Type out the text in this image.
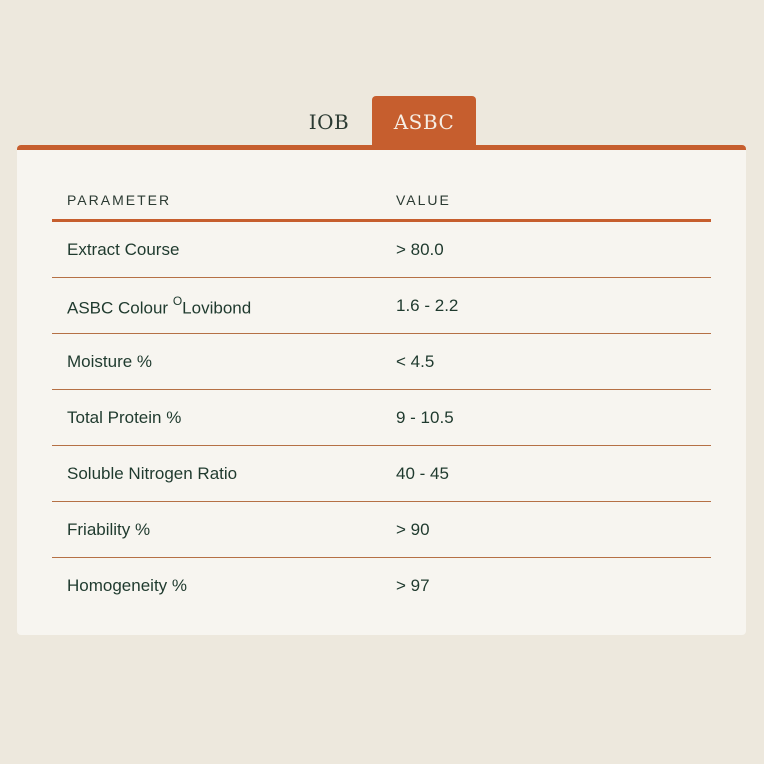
IOB	ASBC
PARAMETER	VALUE
Extract Course	> 80.0
ASBC Colour $^O$Lovibond	1.6 - 2.2
Moisture %	< 4.5
Total Protein %	9 - 10.5
Soluble Nitrogen Ratio	40 - 45
Friability %	> 90
Homogeneity %	> 97
